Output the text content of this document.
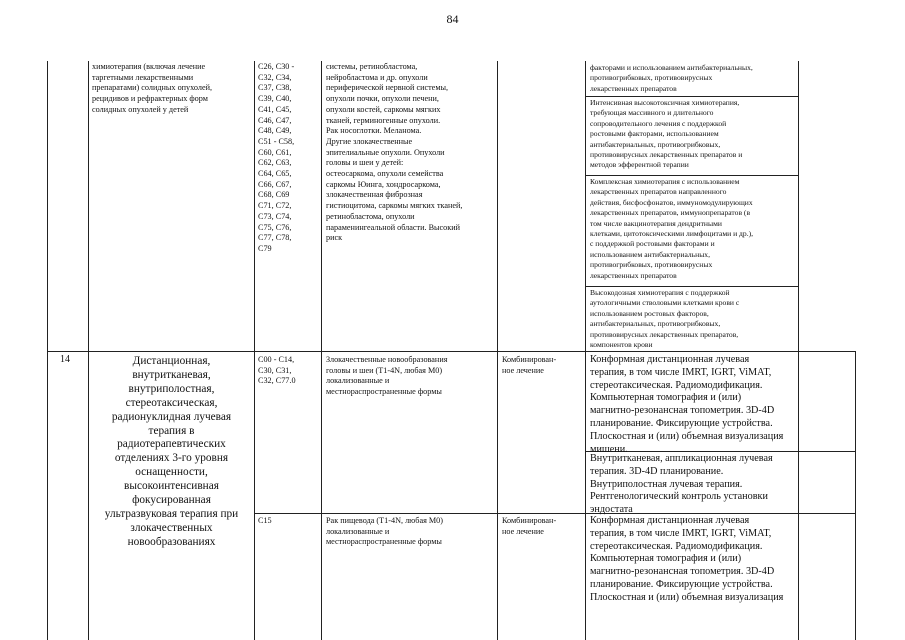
84
химиотерапия (включая лечение
таргетными лекарственными
препаратами) солидных опухолей,
рецидивов и рефрактерных форм
солидных опухолей у детей
C26, C30 -
C32, C34,
C37, C38,
C39, C40,
C41, C45,
C46, C47,
C48, C49,
C51 - C58,
C60, C61,
C62, C63,
C64, C65,
C66, C67,
C68, C69
C71, C72,
C73, C74,
C75, C76,
C77, C78,
C79
системы, ретинобластома,
нейробластома и др. опухоли
периферической нервной системы,
опухоли почки, опухоли печени,
опухоли костей, саркомы мягких
тканей, герминогенные опухоли.
Рак носоглотки. Меланома.
Другие злокачественные
эпителиальные опухоли. Опухоли
головы и шеи у детей:
остеосаркома, опухоли семейства
саркомы Юинга, хондросаркома,
злокачественная фиброзная
гистиоцитома, саркомы мягких тканей,
ретинобластома, опухоли
параменингеальной области. Высокий
риск
факторами и использованием антибактериальных,
противогрибковых, противовирусных
лекарственных препаратов
Интенсивная высокотоксичная химиотерапия,
требующая массивного и длительного
сопроводительного лечения с поддержкой
ростовыми факторами, использованием
антибактериальных, противогрибковых,
противовирусных лекарственных препаратов и
методов эфферентной терапии
Комплексная химиотерапия с использованием
лекарственных препаратов направленного
действия, бисфосфонатов, иммуномодулирующих
лекарственных препаратов, иммунопрепаратов (в
том числе вакцинотерапия дендритными
клетками, цитотоксическими лимфоцитами и др.),
с поддержкой ростовыми факторами и
использованием антибактериальных,
противогрибковых, противовирусных
лекарственных препаратов
Высокодозная химиотерапия с поддержкой
аутологичными стволовыми клетками крови с
использованием ростовых факторов,
антибактериальных, противогрибковых,
противовирусных лекарственных препаратов,
компонентов крови
14	Дистанционная,
внутритканевая,
внутриполостная,
стереотаксическая,
радионуклидная лучевая
терапия в
радиотерапевтических
отделениях 3-го уровня
оснащенности,
высокоинтенсивная
фокусированная
ультразвуковая терапия при
злокачественных
новообразованиях
C00 - C14,
C30, C31,
C32, C77.0
Злокачественные новообразования
головы и шеи (T1-4N, любая M0)
локализованные и
местнораспространенные формы
Комбинирован-
ное лечение
Конформная дистанционная лучевая
терапия, в том числе IMRT, IGRT, ViMAT,
стереотаксическая. Радиомодификация.
Компьютерная томография и (или)
магнитно-резонансная топометрия. 3D-4D
планирование. Фиксирующие устройства.
Плоскостная и (или) объемная визуализация
мишени.
Внутритканевая, аппликационная лучевая
терапия. 3D-4D планирование.
Внутриполостная лучевая терапия.
Рентгенологический контроль установки
эндостата
C15	Рак пищевода (T1-4N, любая M0)
локализованные и
местнораспространенные формы
Комбинирован-
ное лечение
Конформная дистанционная лучевая
терапия, в том числе IMRT, IGRT, ViMAT,
стереотаксическая. Радиомодификация.
Компьютерная томография и (или)
магнитно-резонансная топометрия. 3D-4D
планирование. Фиксирующие устройства.
Плоскостная и (или) объемная визуализация
